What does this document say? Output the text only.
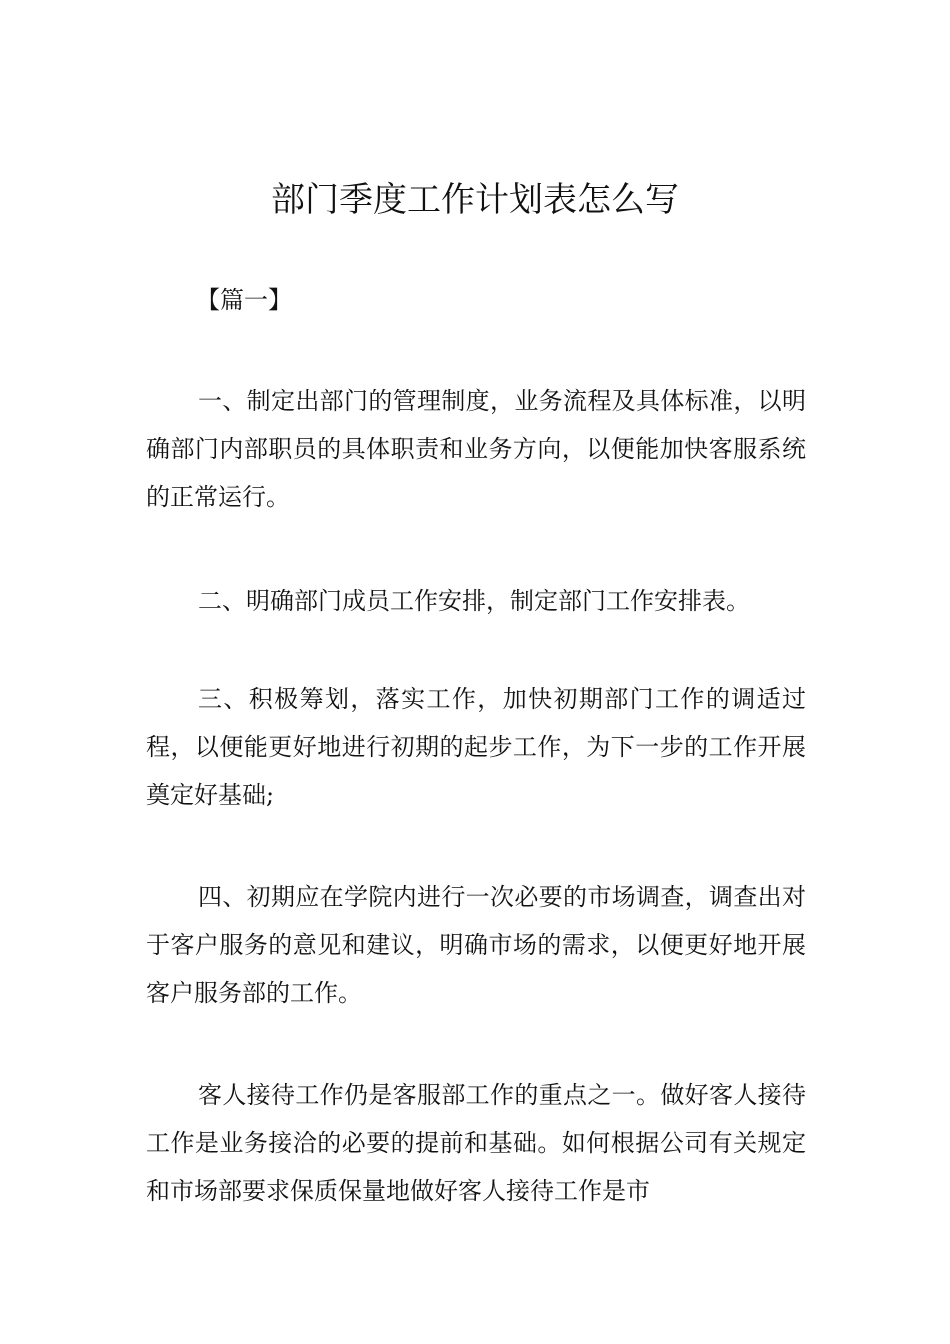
部门季度工作计划表怎么写
【篇一】

一、制定出部门的管理制度，业务流程及具体标准，以明确部门内部职员的具体职责和业务方向，以便能加快客服系统的正常运行。

二、明确部门成员工作安排，制定部门工作安排表。

三、积极筹划，落实工作，加快初期部门工作的调适过程，以便能更好地进行初期的起步工作，为下一步的工作开展奠定好基础;

四、初期应在学院内进行一次必要的市场调查，调查出对于客户服务的意见和建议，明确市场的需求，以便更好地开展客户服务部的工作。

客人接待工作仍是客服部工作的重点之一。做好客人接待工作是业务接洽的必要的提前和基础。如何根据公司有关规定和市场部要求保质保量地做好客人接待工作是市
